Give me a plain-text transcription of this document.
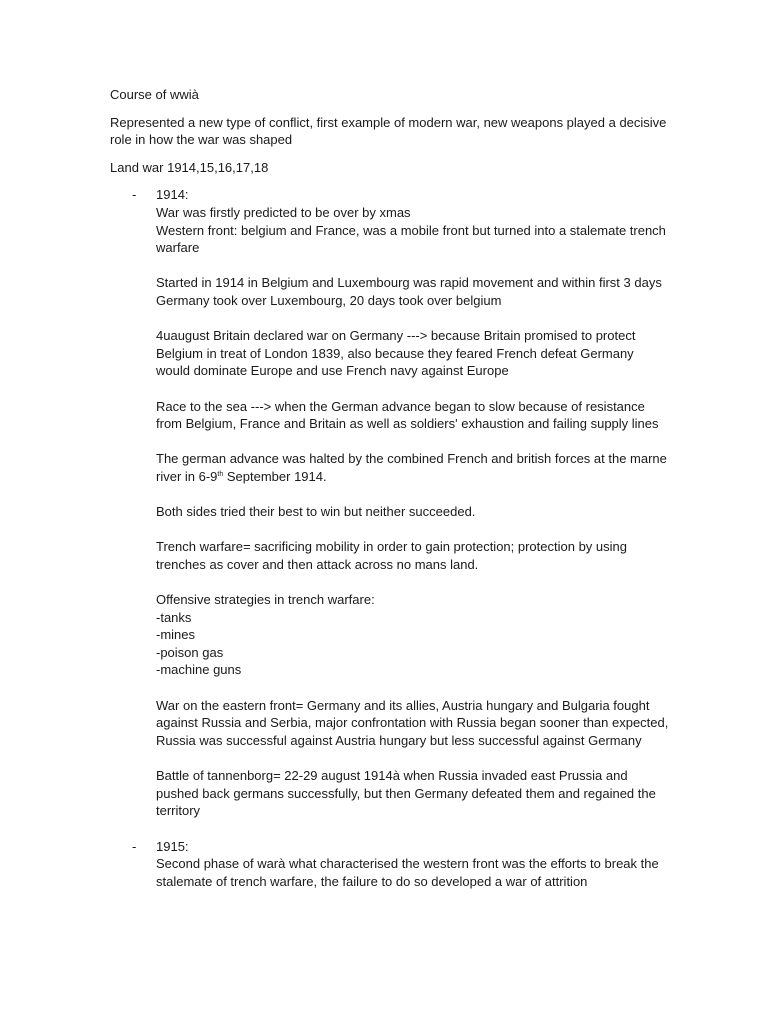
Course of wwià

Represented a new type of conflict, first example of modern war, new weapons played a decisive role in how the war was shaped

Land war 1914,15,16,17,18

- 1914:
War was firstly predicted to be over by xmas
Western front: belgium and France, was a mobile front but turned into a stalemate trench warfare
Started in 1914 in Belgium and Luxembourg was rapid movement and within first 3 days Germany took over Luxembourg, 20 days took over belgium
4uaugust Britain declared war on Germany ---> because Britain promised to protect Belgium in treat of London 1839, also because they feared French defeat Germany would dominate Europe and use French navy against Europe
Race to the sea ---> when the German advance began to slow because of resistance from Belgium, France and Britain as well as soldiers' exhaustion and failing supply lines
The german advance was halted by the combined French and british forces at the marne river in 6-9th September 1914.
Both sides tried their best to win but neither succeeded.
Trench warfare= sacrificing mobility in order to gain protection; protection by using trenches as cover and then attack across no mans land.
Offensive strategies in trench warfare:
-tanks
-mines
-poison gas
-machine guns
War on the eastern front= Germany and its allies, Austria hungary and Bulgaria fought against Russia and Serbia, major confrontation with Russia began sooner than expected, Russia was successful against Austria hungary but less successful against Germany
Battle of tannenborg= 22-29 august 1914à when Russia invaded east Prussia and pushed back germans successfully, but then Germany defeated them and regained the territory
- 1915:
Second phase of warà what characterised the western front was the efforts to break the stalemate of trench warfare, the failure to do so developed a war of attrition
